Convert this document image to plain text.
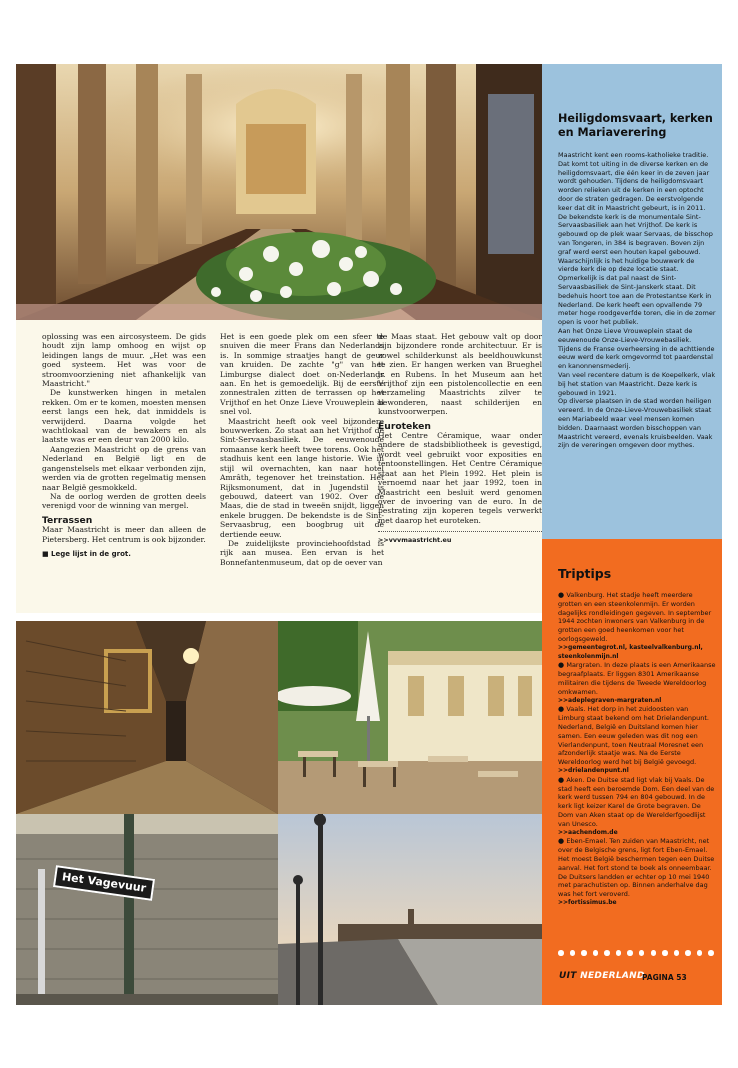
oplossing was een aircosysteem. De gids houdt zijn lamp omhoog en wijst op leidingen langs de muur. „Het was een goed systeem. Het was voor de stroomvoorziening niet afhankelijk van Maastricht."

De kunstwerken hingen in metalen rekken. Om er te komen, moesten mensen eerst langs een hek, dat inmiddels is verwijderd. Daarna volgde het wachtlokaal van de bewakers en als laatste was er een deur van 2000 kilo.

Aangezien Maastricht op de grens van Nederland en België ligt en de gangenstelsels met elkaar verbonden zijn, werden via de grotten regelmatig mensen naar België gesmokkeld.

Na de oorlog werden de grotten deels verenigd voor de winning van mergel.

Terrassen

Maar Maastricht is meer dan alleen de Pietersberg. Het centrum is ook bijzonder.

■ Lege lijst in de grot.

Het is een goede plek om een sfeer te snuiven die meer Frans dan Nederlands is. In sommige straatjes hangt de geur van kruiden. De zachte "g" van het Limburgse dialect doet on-Nederlands aan. En het is gemoedelijk. Bij de eerste zonnestralen zitten de terrassen op het Vrijthof en het Onze Lieve Vrouweplein al snel vol.

Maastricht heeft ook veel bijzondere bouwwerken. Zo staat aan het Vrijthof de Sint-Servaasbasiliek. De eeuwenoude romaanse kerk heeft twee torens. Ook het stadhuis kent een lange historie. Wie in stijl wil overnachten, kan naar hotel Amrâth, tegenover het treinstation. Het Rijksmonument, dat in Jugendstil is gebouwd, dateert van 1902. Over de Maas, die de stad in tweeën snijdt, liggen enkele bruggen. De bekendste is de Sint-Servaasbrug, een boogbrug uit de dertiende eeuw.

De zuidelijkste provinciehoofdstad is rijk aan musea. Een ervan is het Bonnefantenmuseum, dat op de oever van

de Maas staat. Het gebouw valt op door zijn bijzondere ronde architectuur. Er is zowel schilderkunst als beeldhouwkunst te zien. Er hangen werken van Brueghel jr. en Rubens. In het Museum aan het Vrijthof zijn een pistolencollectie en een verzameling Maastrichts zilver te bewonderen, naast schilderijen en kunstvoorwerpen.

Euroteken

Het Centre Céramique, waar onder andere de stadsbibliotheek is gevestigd, wordt veel gebruikt voor exposities en tentoonstellingen. Het Centre Céramique staat aan het Plein 1992. Het plein is vernoemd naar het jaar 1992, toen in Maastricht een besluit werd genomen over de invoering van de euro. In de bestrating zijn koperen tegels verwerkt met daarop het euroteken.

>>vvvmaastricht.eu
Heiligdomsvaart, kerken en Mariaverering

Maastricht kent een rooms-katholieke traditie. Dat komt tot uiting in de diverse kerken en de heiligdomsvaart, die één keer in de zeven jaar wordt gehouden. Tijdens de heiligdomsvaart worden relieken uit de kerken in een optocht door de straten gedragen. De eerstvolgende keer dat dit in Maastricht gebeurt, is in 2011.

De bekendste kerk is de monumentale Sint-Servaasbasiliek aan het Vrijthof. De kerk is gebouwd op de plek waar Servaas, de bisschop van Tongeren, in 384 is begraven. Boven zijn graf werd eerst een houten kapel gebouwd. Waarschijnlijk is het huidige bouwwerk de vierde kerk die op deze locatie staat. Opmerkelijk is dat pal naast de Sint-Servaasbasiliek de Sint-Janskerk staat. Dit bedehuis hoort toe aan de Protestantse Kerk in Nederland. De kerk heeft een opvallende 79 meter hoge roodgeverfde toren, die in de zomer open is voor het publiek.

Aan het Onze Lieve Vrouweplein staat de eeuwenoude Onze-Lieve-Vrouwebasiliek. Tijdens de Franse overheersing in de achttiende eeuw werd de kerk omgevormd tot paardenstal en kanonnensmederij.

Van veel recentere datum is de Koepelkerk, vlak bij het station van Maastricht. Deze kerk is gebouwd in 1921.

Op diverse plaatsen in de stad worden heiligen vereerd. In de Onze-Lieve-Vrouwebasiliek staat een Mariabeeld waar veel mensen komen bidden. Daarnaast worden bisschoppen van Maastricht vereerd, evenals kruisbeelden. Vaak zijn de vereringen omgeven door mythes.

Triptips

● Valkenburg. Het stadje heeft meerdere grotten en een steenkolenmijn. Er worden dagelijks rondleidingen gegeven. In september 1944 zochten inwoners van Valkenburg in de grotten een goed heenkomen voor het oorlogsgeweld.

>>gemeentegrot.nl, kasteelvalkenburg.nl, steenkolenmijn.nl

● Margraten. In deze plaats is een Amerikaanse begraafplaats. Er liggen 8301 Amerikaanse militairen die tijdens de Tweede Wereldoorlog omkwamen.

>>adeplegraven-margraten.nl

● Vaals. Het dorp in het zuidoosten van Limburg staat bekend om het Drielandenpunt. Nederland, België en Duitsland komen hier samen. Een eeuw geleden was dit nog een Vierlandenpunt, toen Neutraal Moresnet een afzonderlijk staatje was. Na de Eerste Wereldoorlog werd het bij België gevoegd.

>>drielandenpunt.nl

● Aken. De Duitse stad ligt vlak bij Vaals. De stad heeft een beroemde Dom. Een deel van de kerk werd tussen 794 en 804 gebouwd. In de kerk ligt keizer Karel de Grote begraven. De Dom van Aken staat op de Werelderfgoedlijst van Unesco.

>>aachendom.de

● Eben-Emael. Ten zuiden van Maastricht, net over de Belgische grens, ligt fort Eben-Emael. Het moest België beschermen tegen een Duitse aanval. Het fort stond te boek als onneembaar. De Duitsers landden er echter op 10 mei 1940 met parachutisten op. Binnen anderhalve dag was het fort veroverd.

>>fortissimus.be

UIT NEDERLAND
PAGINA 53
Het Vagevuur
